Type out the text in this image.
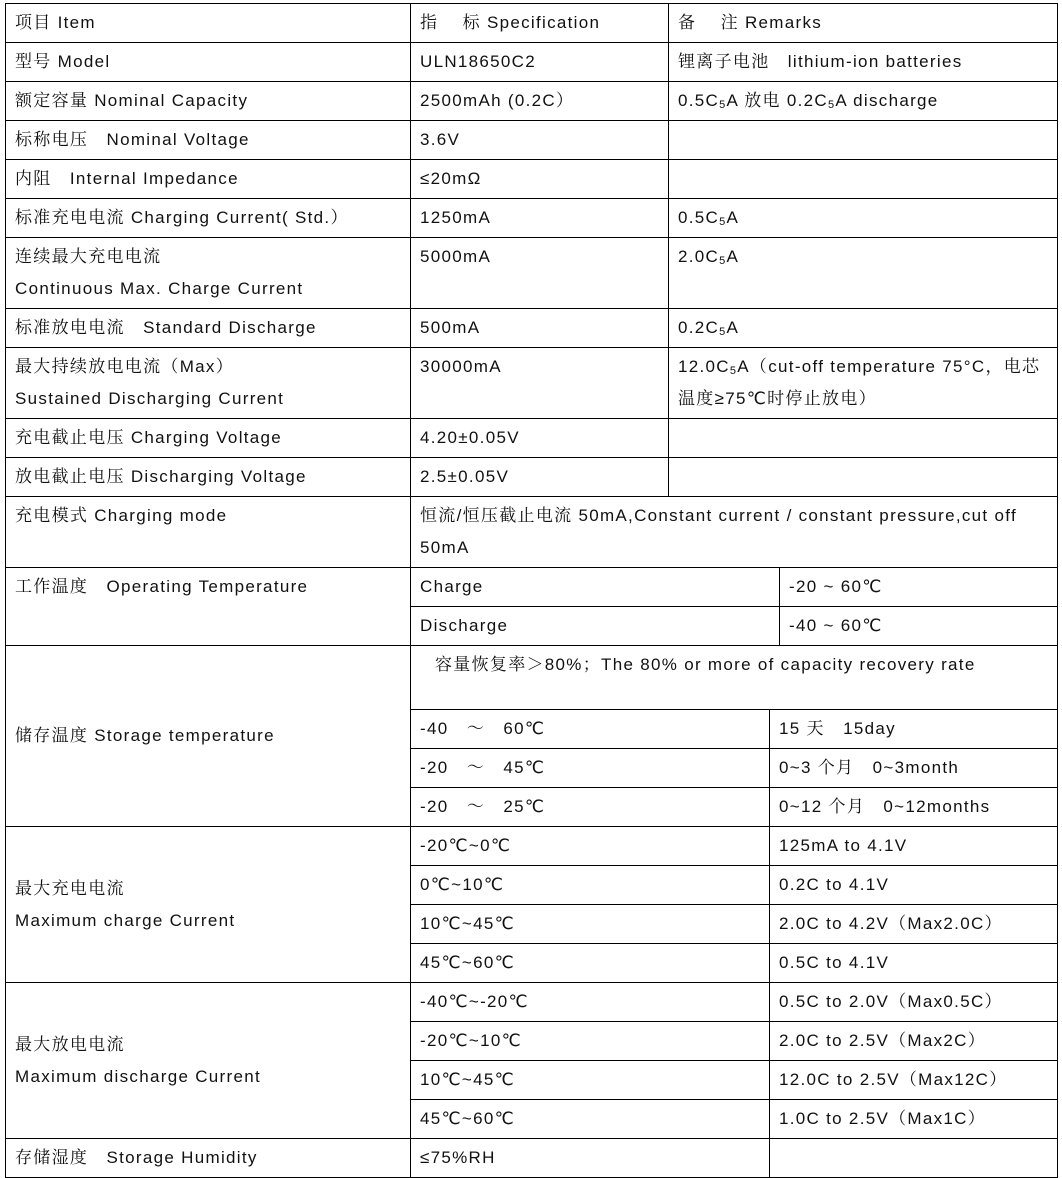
项目 Item	指　 标 Specification	备　 注 Remarks		
型号 Model	ULN18650C2	锂离子电池　lithium-ion batteries		
额定容量 Nominal Capacity	2500mAh (0.2C）	$0.5C_5A$ 放电 $0.2C_5A$ discharge		
标称电压　Nominal Voltage	3.6V			
内阻　Internal Impedance	≤20mΩ			
标准充电电流 Charging Current( Std.）	1250mA	$0.5C_5A$		

连续最大充电电流
Continuous Max. Charge Current	5000mA	$2.0C_5A$		
标准放电电流　Standard Discharge	500mA	$0.2C_5A$		

最大持续放电电流（Max）
Sustained Discharging Current	30000mA	$12.0C_5A(cut$-off temperature 75°C，电芯温度≥75℃时停止放电）		
充电截止电压 Charging Voltage	4.20±0.05V			
放电截止电压 Discharging Voltage	2.5±0.05V			
充电模式 Charging mode	恒流/恒压截止电流 50mA,Constant current / constant pressure,cut off 50mA			
工作温度　Operating Temperature	Charge			-20 ~ 60℃
	Discharge			-40 ~ 60℃
储存温度 Storage temperature	容量恢复率＞80%；The 80% or more of capacity recovery rate			
	-40　～　60℃		15 天　15day	
	-20　～　45℃		0~3 个月　0~3month	
	-20　～　25℃		0~12 个月　0~12months	

最大充电电流
Maximum charge Current	-20℃~0℃		125mA to 4.1V	
	0℃~10℃		0.2C to 4.1V	
	10℃~45℃		2.0C to 4.2V（Max2.0C）	
	45℃~60℃		0.5C to 4.1V	

最大放电电流
Maximum discharge Current	-40℃~-20℃		0.5C to 2.0V（Max0.5C）	
	-20℃~10℃		2.0C to 2.5V（Max2C）	
	10℃~45℃		12.0C to 2.5V（Max12C）	
	45℃~60℃		1.0C to 2.5V（Max1C）	
存储湿度　Storage Humidity	≤75%RH			
